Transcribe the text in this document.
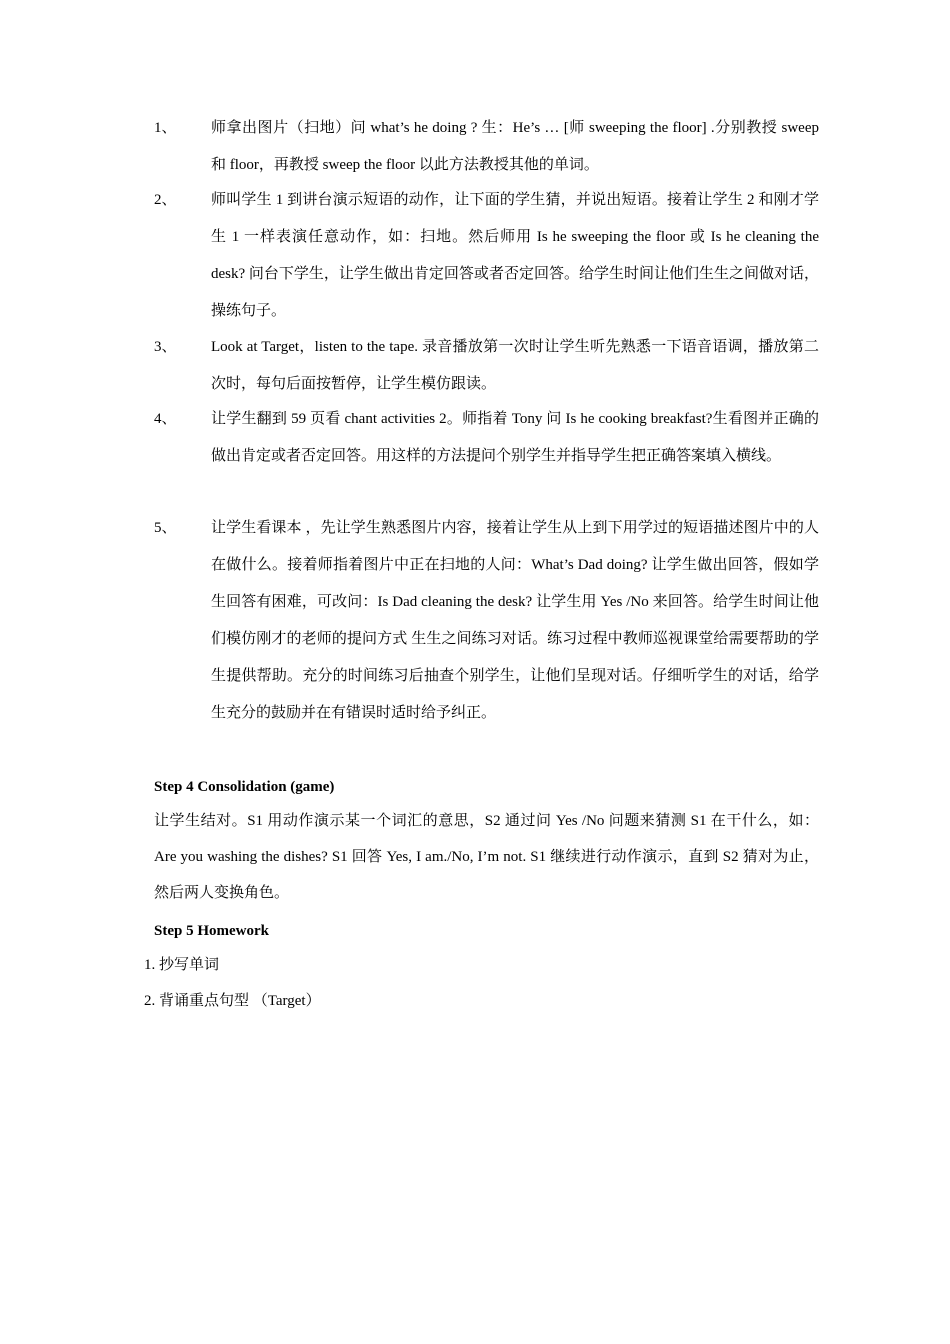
1、 师拿出图片（扫地）问 what’s he doing ? 生：He’s … [师 sweeping the floor] .分别教授 sweep 和 floor，再教授 sweep the floor 以此方法教授其他的单词。
2、 师叫学生 1 到讲台演示短语的动作，让下面的学生猜，并说出短语。接着让学生 2 和刚才学生 1 一样表演任意动作，如：扫地。然后师用 Is he sweeping the floor 或 Is he cleaning the desk? 问台下学生，让学生做出肯定回答或者否定回答。给学生时间让他们生生之间做对话，操练句子。
3、 Look at Target，listen to the tape. 录音播放第一次时让学生听先熟悉一下语音语调，播放第二次时，每句后面按暂停，让学生模仿跟读。
4、 让学生翻到 59 页看 chant activities 2。师指着 Tony 问 Is he cooking breakfast?生看图并正确的做出肯定或者否定回答。用这样的方法提问个别学生并指导学生把正确答案填入横线。
5、 让学生看课本 ，先让学生熟悉图片内容，接着让学生从上到下用学过的短语描述图片中的人在做什么。接着师指着图片中正在扫地的人问：What’s Dad doing? 让学生做出回答，假如学生回答有困难，可改问：Is Dad cleaning the desk? 让学生用 Yes /No 来回答。给学生时间让他们模仿刚才的老师的提问方式 生生之间练习对话。练习过程中教师巡视课堂给需要帮助的学生提供帮助。充分的时间练习后抽查个别学生，让他们呈现对话。仔细听学生的对话，给学生充分的鼓励并在有错误时适时给予纠正。
Step 4 Consolidation (game)
让学生结对。S1 用动作演示某一个词汇的意思，S2 通过问 Yes /No 问题来猜测 S1 在干什么，如：Are you washing the dishes? S1 回答 Yes, I am./No, I’m not. S1 继续进行动作演示，直到 S2 猜对为止，然后两人变换角色。
Step 5 Homework
1. 抄写单词
2. 背诵重点句型 （Target）
